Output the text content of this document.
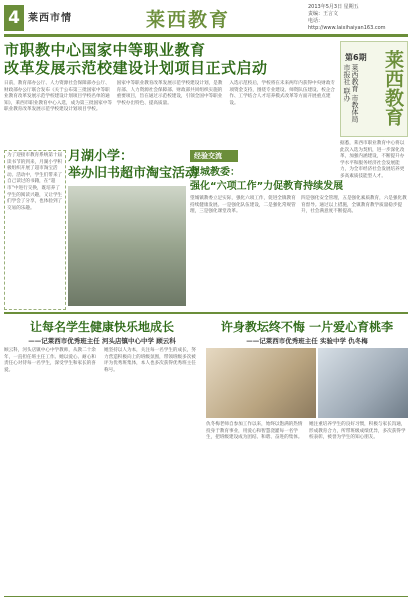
4 莱西市情	莱西教育
2013年5月3日 星期五
责编：王言文
电话：
http://www.laixihaiyan163.com
市职教中心国家中等职业教育
改革发展示范校建设计划项目正式启动
日前，教育部办公厅、人力资源社会保障部办公厅、财政部办公厅联合发布《关于公布第三批国家中等职业教育改革发展示范学校建设计划项目学校名单的通知》，莱西市职业教育中心入选，成为第三批国家中等职业教育改革发展示范学校建设计划项目学校。
国家中等职业教育改革发展示范学校建设计划，是教育部、人力资源社会保障部、财政部共同组织实施的重要项目，旨在通过示范校建设，引领全国中等职业学校办出特色、提高质量。
入选示范校后，学校将在未来两年内获得中央财政专项资金支持，围绕专业建设、师资队伍建设、校企合作、工学结合人才培养模式改革等方面开展重点建设。
第6期
莱西教育 市教体局 市报社 联办	莱西教育
据悉，莱西市职业教育中心将以此次入选为契机，进一步深化改革，加强内涵建设，不断提升办学水平和服务经济社会发展能力，为全市经济社会发展培养更多高素质技能型人才。
为了迎接市教育系统第十届读书节的到来，月湖小学积极组织开展了超市淘宝活动。活动中，学生们带来了自己读过的书籍，在“超市”中进行交换，既培养了学生的阅读兴趣，又让学生们学会了分享，也体验到了交易的乐趣。
月湖小学：
举办旧书超市淘宝活动
经验交流
望城教委：
强化“六项工作”力促教育持续发展
望城镇教委立足实际，强化六项工作，促进全镇教育持续健康发展。一是强化队伍建设，二是强化常规管理，三是强化课堂改革。
四是强化安全管理，五是强化素质教育，六是强化教育督导。通过以上措施，全镇教育教学质量稳步提升，社会满意度不断提高。
让每名学生健康快乐地成长
——记莱西市优秀班主任 河头店镇中心中学 顾云科
顾云科，河头店镇中心中学教师，从教二十余年，一直担任班主任工作。她以爱心、耐心和责任心对待每一名学生，深受学生和家长的喜爱。
她坚持以人为本，关注每一名学生的成长，努力营造积极向上的班级氛围，带领班级多次被评为优秀班集体，本人也多次获得优秀班主任称号。
许身教坛终不悔 一片爱心育桃李
——记莱西市优秀班主任 实验中学 仇冬梅
仇冬梅老师自参加工作以来，始终以饱满的热情投身于教育事业，用爱心和智慧浇灌每一名学生，把班级建设成为团结、和谐、奋进的集体。
她注重培养学生的良好习惯，积极与家长沟通，形成教育合力，所带班级成绩优异，多次获得学校表彰，被誉为学生的知心朋友。
